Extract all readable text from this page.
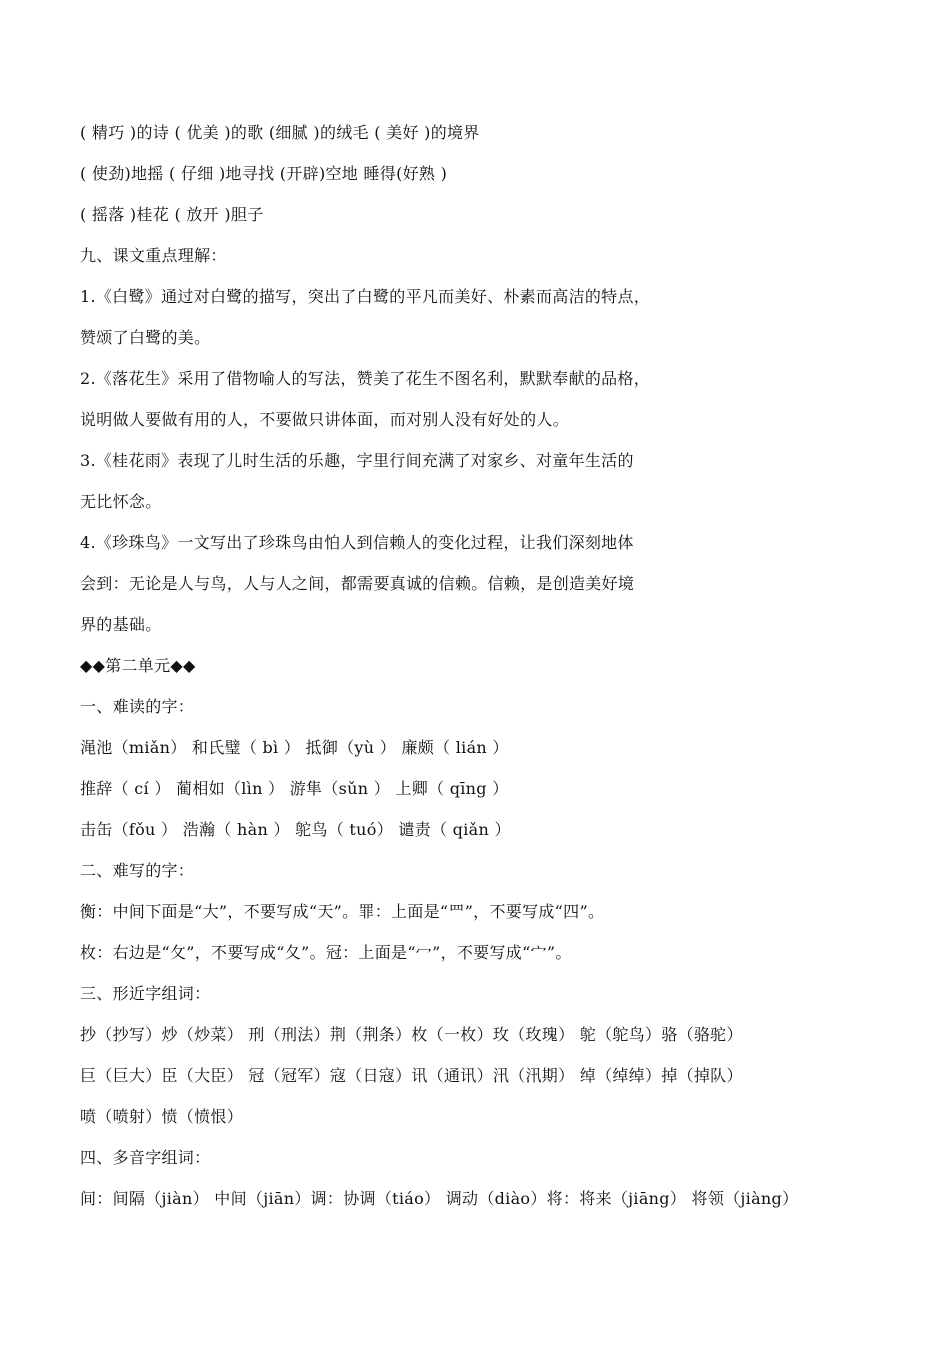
( 精巧 )的诗 ( 优美 )的歌 (细腻 )的绒毛 ( 美好 )的境界
( 使劲)地摇 ( 仔细 )地寻找 (开辟)空地 睡得(好熟 )
( 摇落 )桂花 ( 放开 )胆子
九、课文重点理解：
1.《白鹭》通过对白鹭的描写，突出了白鹭的平凡而美好、朴素而高洁的特点，
赞颂了白鹭的美。
2.《落花生》采用了借物喻人的写法，赞美了花生不图名利，默默奉献的品格，
说明做人要做有用的人，不要做只讲体面，而对别人没有好处的人。
3.《桂花雨》表现了儿时生活的乐趣，字里行间充满了对家乡、对童年生活的
无比怀念。
4.《珍珠鸟》一文写出了珍珠鸟由怕人到信赖人的变化过程，让我们深刻地体
会到：无论是人与鸟，人与人之间，都需要真诚的信赖。信赖，是创造美好境
界的基础。
◆◆第二单元◆◆
一、难读的字：
渑池（miǎn） 和氏璧（ bì ） 抵御（yù ） 廉颇（ lián ）
推辞（ cí ） 蔺相如（lìn ） 游隼（sǔn ） 上卿（ qīng ）
击缶（fǒu ） 浩瀚（ hàn ） 鸵鸟（ tuó） 谴责（ qiǎn ）
二、难写的字：
衡：中间下面是“大”，不要写成“天”。罪：上面是“罒”，不要写成“四”。
枚：右边是“攵”，不要写成“夂”。冠：上面是“冖”，不要写成“宀”。
三、形近字组词：
抄（抄写）炒（炒菜） 刑（刑法）荆（荆条）枚（一枚）玫（玫瑰） 鸵（鸵鸟）骆（骆驼）
巨（巨大）臣（大臣） 冠（冠军）寇（日寇）讯（通讯）汛（汛期） 绰（绰绰）掉（掉队）
喷（喷射）愤（愤恨）
四、多音字组词：
间：间隔（jiàn） 中间（jiān）调：协调（tiáo） 调动（diào）将：将来（jiāng） 将领（jiàng）
